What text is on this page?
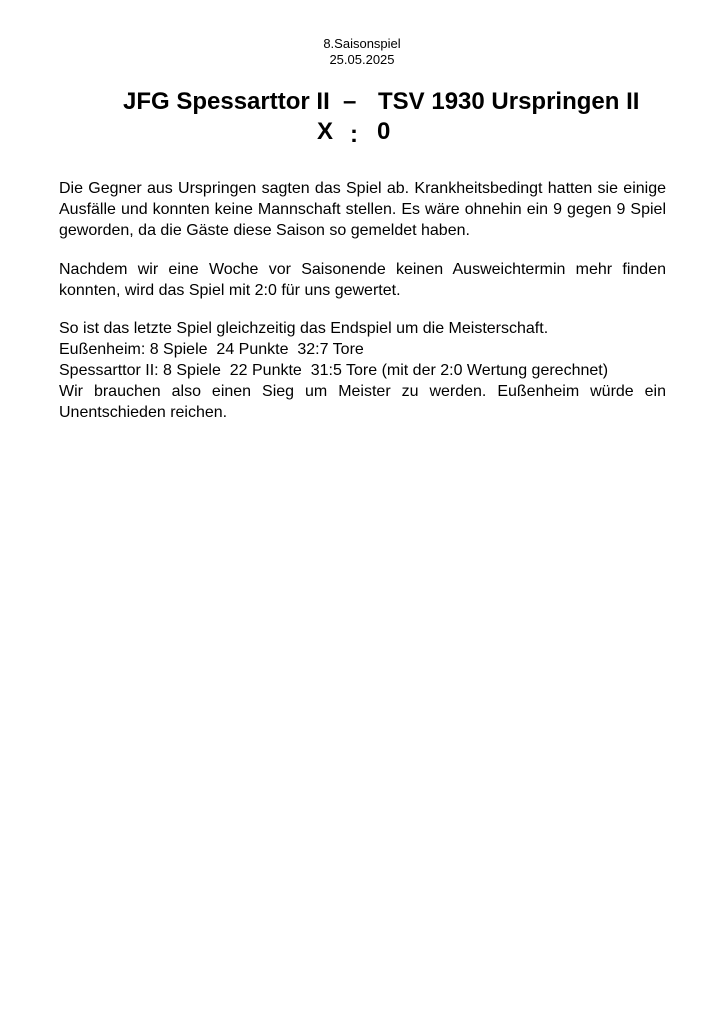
8.Saisonspiel
25.05.2025
JFG Spessarttor II – TSV 1930 Urspringen II
X : 0

Die Gegner aus Urspringen sagten das Spiel ab. Krankheitsbedingt hatten sie einige Ausfälle und konnten keine Mannschaft stellen. Es wäre ohnehin ein 9 gegen 9 Spiel geworden, da die Gäste diese Saison so gemeldet haben.

Nachdem wir eine Woche vor Saisonende keinen Ausweichtermin mehr finden konnten, wird das Spiel mit 2:0 für uns gewertet.

So ist das letzte Spiel gleichzeitig das Endspiel um die Meisterschaft.

Eußenheim: 8 Spiele  24 Punkte  32:7 Tore

Spessarttor II: 8 Spiele  22 Punkte  31:5 Tore (mit der 2:0 Wertung gerechnet)

Wir brauchen also einen Sieg um Meister zu werden. Eußenheim würde ein Unentschieden reichen.
